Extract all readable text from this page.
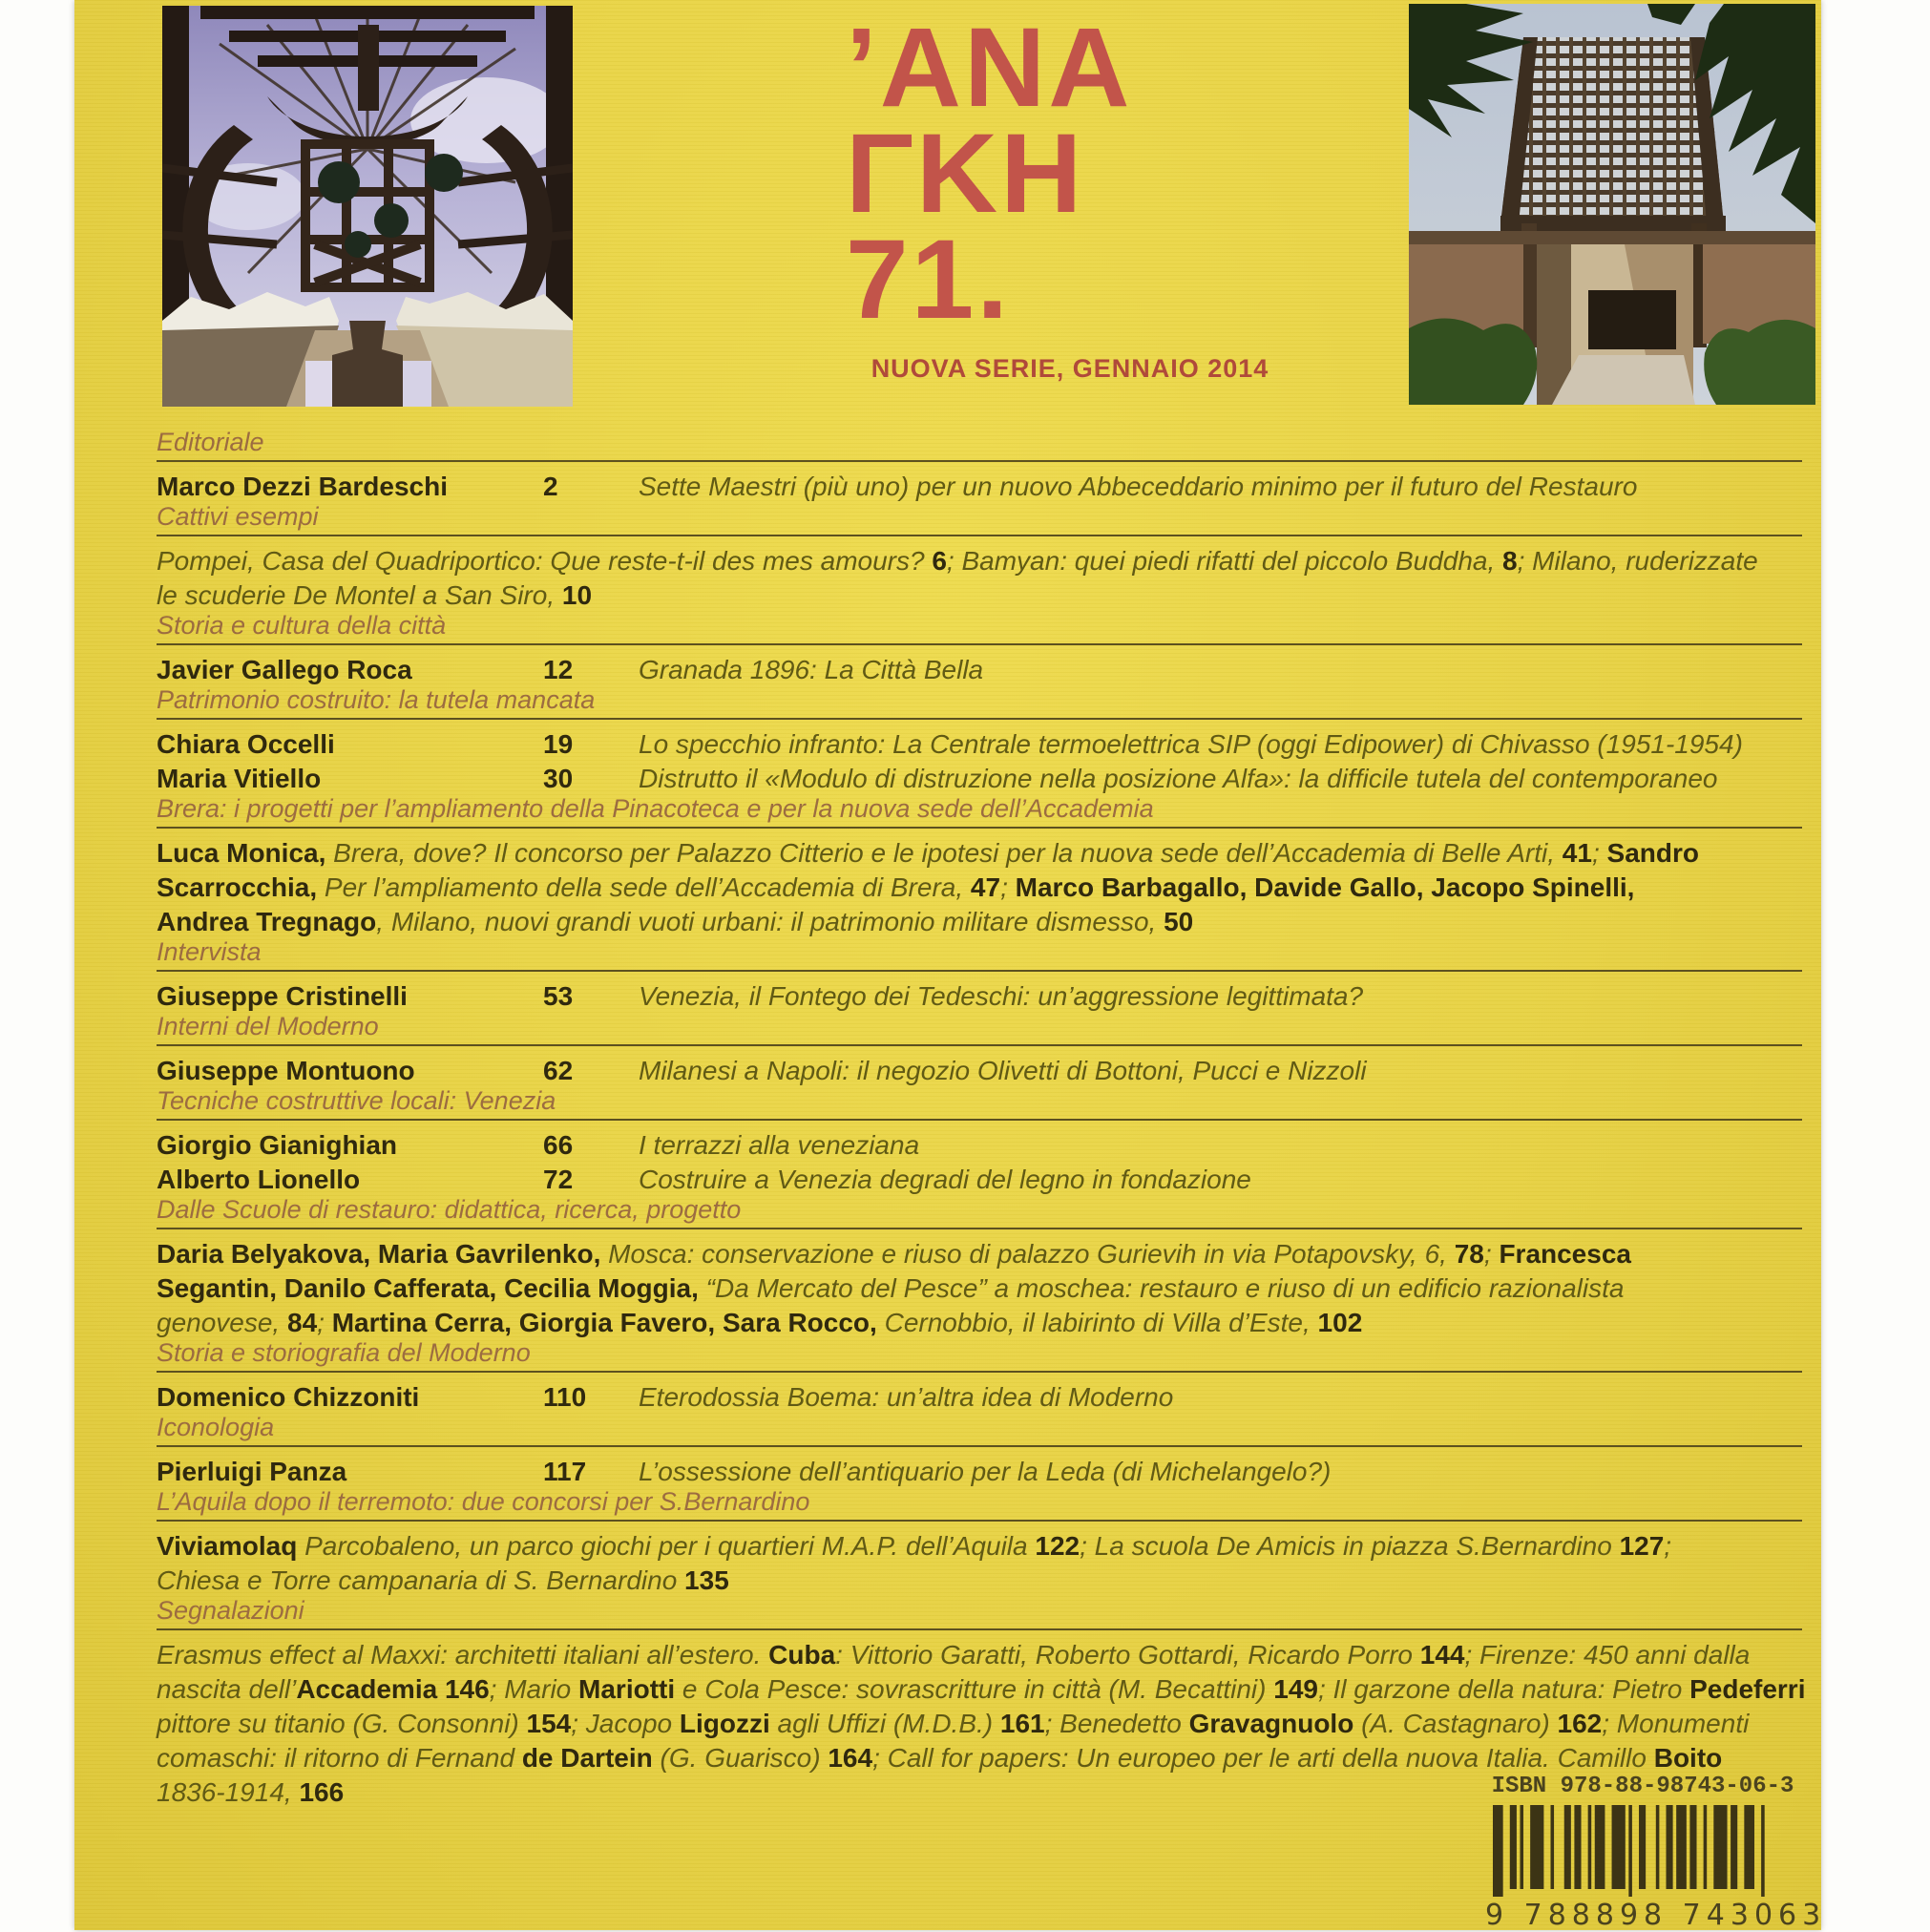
’ΑΝΑ
ΓΚΗ
71.
NUOVA SERIE, GENNAIO 2014
Editoriale
Marco Dezzi Bardeschi	2	Sette Maestri (più uno) per un nuovo Abbeceddario minimo per il futuro del Restauro
Cattivi esempi
Pompei, Casa del Quadriportico: Que reste-t-il des mes amours? 6; Bamyan: quei piedi rifatti del piccolo Buddha, 8; Milano, ruderizzate
le scuderie De Montel a San Siro, 10
Storia e cultura della città
Javier Gallego Roca	12	Granada 1896: La Città Bella
Patrimonio costruito: la tutela mancata
Chiara Occelli	19	Lo specchio infranto: La Centrale termoelettrica SIP (oggi Edipower) di Chivasso (1951-1954)
Maria Vitiello	30	Distrutto il «Modulo di distruzione nella posizione Alfa»: la difficile tutela del contemporaneo
Brera: i progetti per l’ampliamento della Pinacoteca e per la nuova sede dell’Accademia
Luca Monica, Brera, dove? Il concorso per Palazzo Citterio e le ipotesi per la nuova sede dell’Accademia di Belle Arti, 41; Sandro
Scarrocchia, Per l’ampliamento della sede dell’Accademia di Brera, 47; Marco Barbagallo, Davide Gallo, Jacopo Spinelli,
Andrea Tregnago, Milano, nuovi grandi vuoti urbani: il patrimonio militare dismesso, 50
Intervista
Giuseppe Cristinelli	53	Venezia, il Fontego dei Tedeschi: un’aggressione legittimata?
Interni del Moderno
Giuseppe Montuono	62	Milanesi a Napoli: il negozio Olivetti di Bottoni, Pucci e Nizzoli
Tecniche costruttive locali: Venezia
Giorgio Gianighian	66	I terrazzi alla veneziana
Alberto Lionello	72	Costruire a Venezia degradi del legno in fondazione
Dalle Scuole di restauro: didattica, ricerca, progetto
Daria Belyakova, Maria Gavrilenko, Mosca: conservazione e riuso di palazzo Gurievih in via Potapovsky, 6, 78; Francesca
Segantin, Danilo Cafferata, Cecilia Moggia, “Da Mercato del Pesce” a moschea: restauro e riuso di un edificio razionalista
genovese, 84; Martina Cerra, Giorgia Favero, Sara Rocco, Cernobbio, il labirinto di Villa d’Este, 102
Storia e storiografia del Moderno
Domenico Chizzoniti	110	Eterodossia Boema: un’altra idea di Moderno
Iconologia
Pierluigi Panza	117	L’ossessione dell’antiquario per la Leda (di Michelangelo?)
L’Aquila dopo il terremoto: due concorsi per S.Bernardino
Viviamolaq Parcobaleno, un parco giochi per i quartieri M.A.P. dell’Aquila 122; La scuola De Amicis in piazza S.Bernardino 127;
Chiesa e Torre campanaria di S. Bernardino 135
Segnalazioni
Erasmus effect al Maxxi: architetti italiani all’estero. Cuba: Vittorio Garatti, Roberto Gottardi, Ricardo Porro 144; Firenze: 450 anni dalla
nascita dell’Accademia 146; Mario Mariotti e Cola Pesce: sovrascritture in città (M. Becattini) 149; Il garzone della natura: Pietro Pedeferri
pittore su titanio (G. Consonni) 154; Jacopo Ligozzi agli Uffizi (M.D.B.) 161; Benedetto Gravagnuolo (A. Castagnaro) 162; Monumenti
comaschi: il ritorno di Fernand de Dartein (G. Guarisco) 164; Call for papers: Un europeo per le arti della nuova Italia. Camillo Boito
1836-1914, 166	ISBN 978-88-98743-06-3
9 788898 743063
